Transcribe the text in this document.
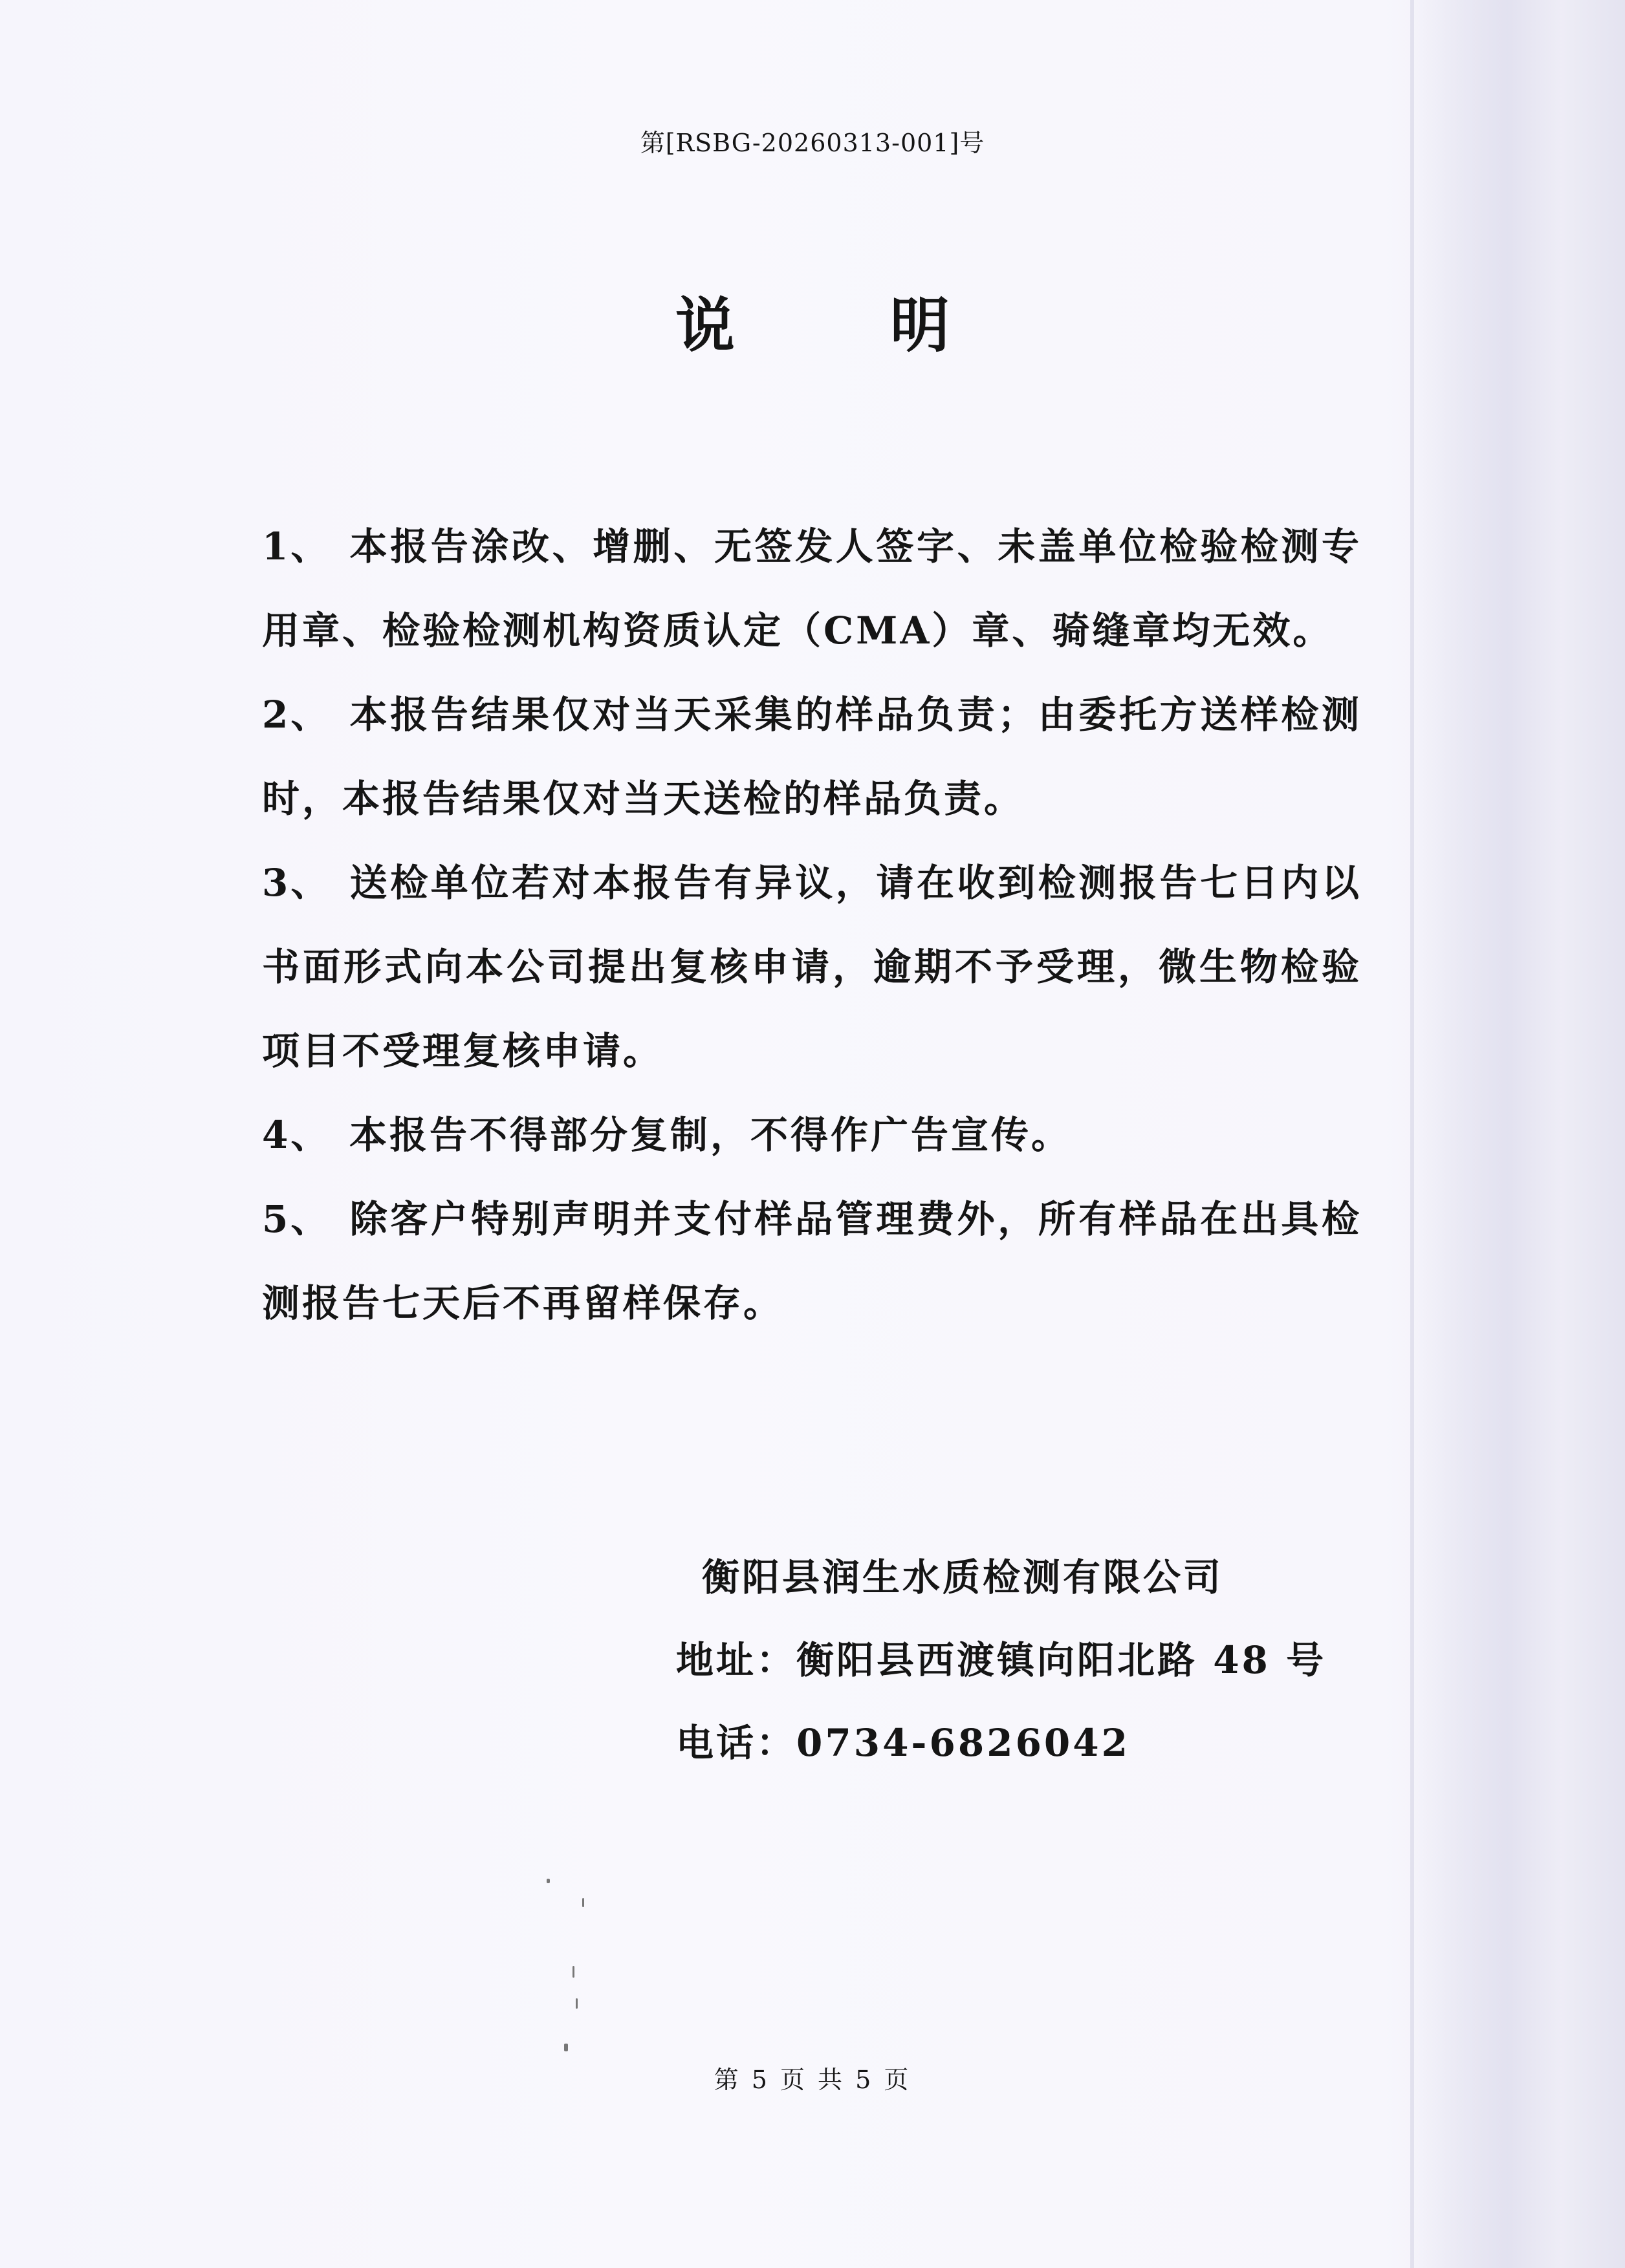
第[RSBG-20260313-001]号
说	明

1、 本报告涂改、增删、无签发人签字、未盖单位检验检测专用章、检验检测机构资质认定（CMA）章、骑缝章均无效。

2、 本报告结果仅对当天采集的样品负责；由委托方送样检测时，本报告结果仅对当天送检的样品负责。

3、 送检单位若对本报告有异议，请在收到检测报告七日内以书面形式向本公司提出复核申请，逾期不予受理，微生物检验项目不受理复核申请。

4、 本报告不得部分复制，不得作广告宣传。

5、 除客户特别声明并支付样品管理费外，所有样品在出具检测报告七天后不再留样保存。

衡阳县润生水质检测有限公司
地址：衡阳县西渡镇向阳北路 48 号
电话：0734-6826042
第 5 页 共 5 页
